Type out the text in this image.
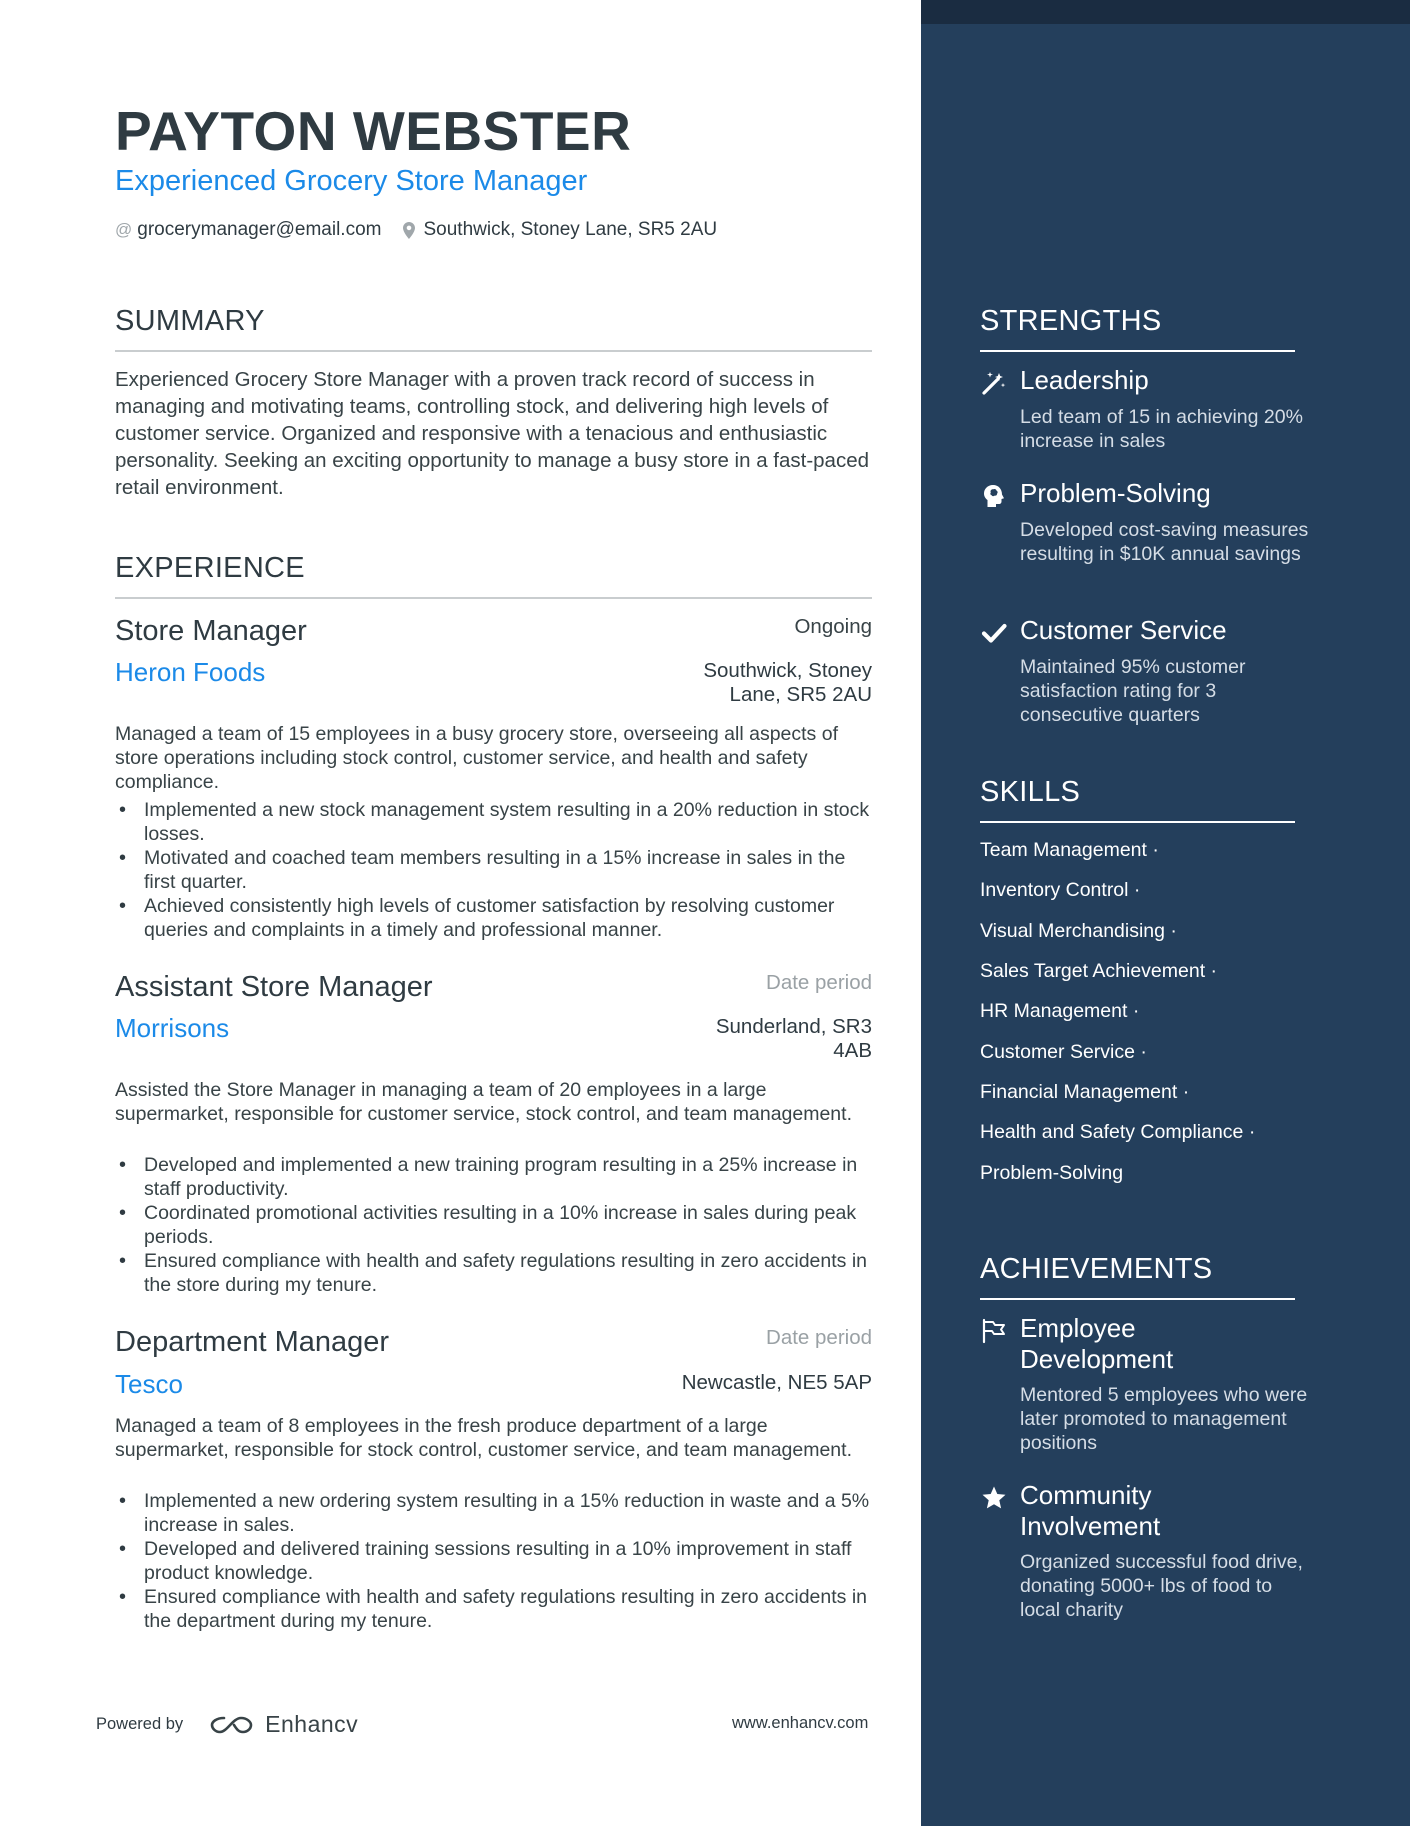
PAYTON WEBSTER
Experienced Grocery Store Manager
@ grocerymanager@email.com Southwick, Stoney Lane, SR5 2AU
SUMMARY
Experienced Grocery Store Manager with a proven track record of success in managing and motivating teams, controlling stock, and delivering high levels of customer service. Organized and responsive with a tenacious and enthusiastic personality. Seeking an exciting opportunity to manage a busy store in a fast-paced retail environment.
EXPERIENCE
Store Manager	Ongoing
Heron Foods	Southwick, Stoney
Lane, SR5 2AU
Managed a team of 15 employees in a busy grocery store, overseeing all aspects of store operations including stock control, customer service, and health and safety compliance.
• Implemented a new stock management system resulting in a 20% reduction in stock losses.
• Motivated and coached team members resulting in a 15% increase in sales in the first quarter.
• Achieved consistently high levels of customer satisfaction by resolving customer queries and complaints in a timely and professional manner.
Assistant Store Manager	Date period
Morrisons	Sunderland, SR3
4AB
Assisted the Store Manager in managing a team of 20 employees in a large supermarket, responsible for customer service, stock control, and team management.
• Developed and implemented a new training program resulting in a 25% increase in staff productivity.
• Coordinated promotional activities resulting in a 10% increase in sales during peak periods.
• Ensured compliance with health and safety regulations resulting in zero accidents in the store during my tenure.
Department Manager	Date period
Tesco	Newcastle, NE5 5AP
Managed a team of 8 employees in the fresh produce department of a large supermarket, responsible for stock control, customer service, and team management.
• Implemented a new ordering system resulting in a 15% reduction in waste and a 5% increase in sales.
• Developed and delivered training sessions resulting in a 10% improvement in staff product knowledge.
• Ensured compliance with health and safety regulations resulting in zero accidents in the department during my tenure.
Powered by	Enhancv	www.enhancv.com
STRENGTHS
Leadership
Led team of 15 in achieving 20% increase in sales
Problem-Solving
Developed cost-saving measures resulting in $10K annual savings
Customer Service
Maintained 95% customer satisfaction rating for 3 consecutive quarters
SKILLS
Team Management ·
Inventory Control ·
Visual Merchandising ·
Sales Target Achievement ·
HR Management ·
Customer Service ·
Financial Management ·
Health and Safety Compliance ·
Problem-Solving
ACHIEVEMENTS
Employee
Development
Mentored 5 employees who were later promoted to management positions
Community
Involvement
Organized successful food drive, donating 5000+ lbs of food to local charity
